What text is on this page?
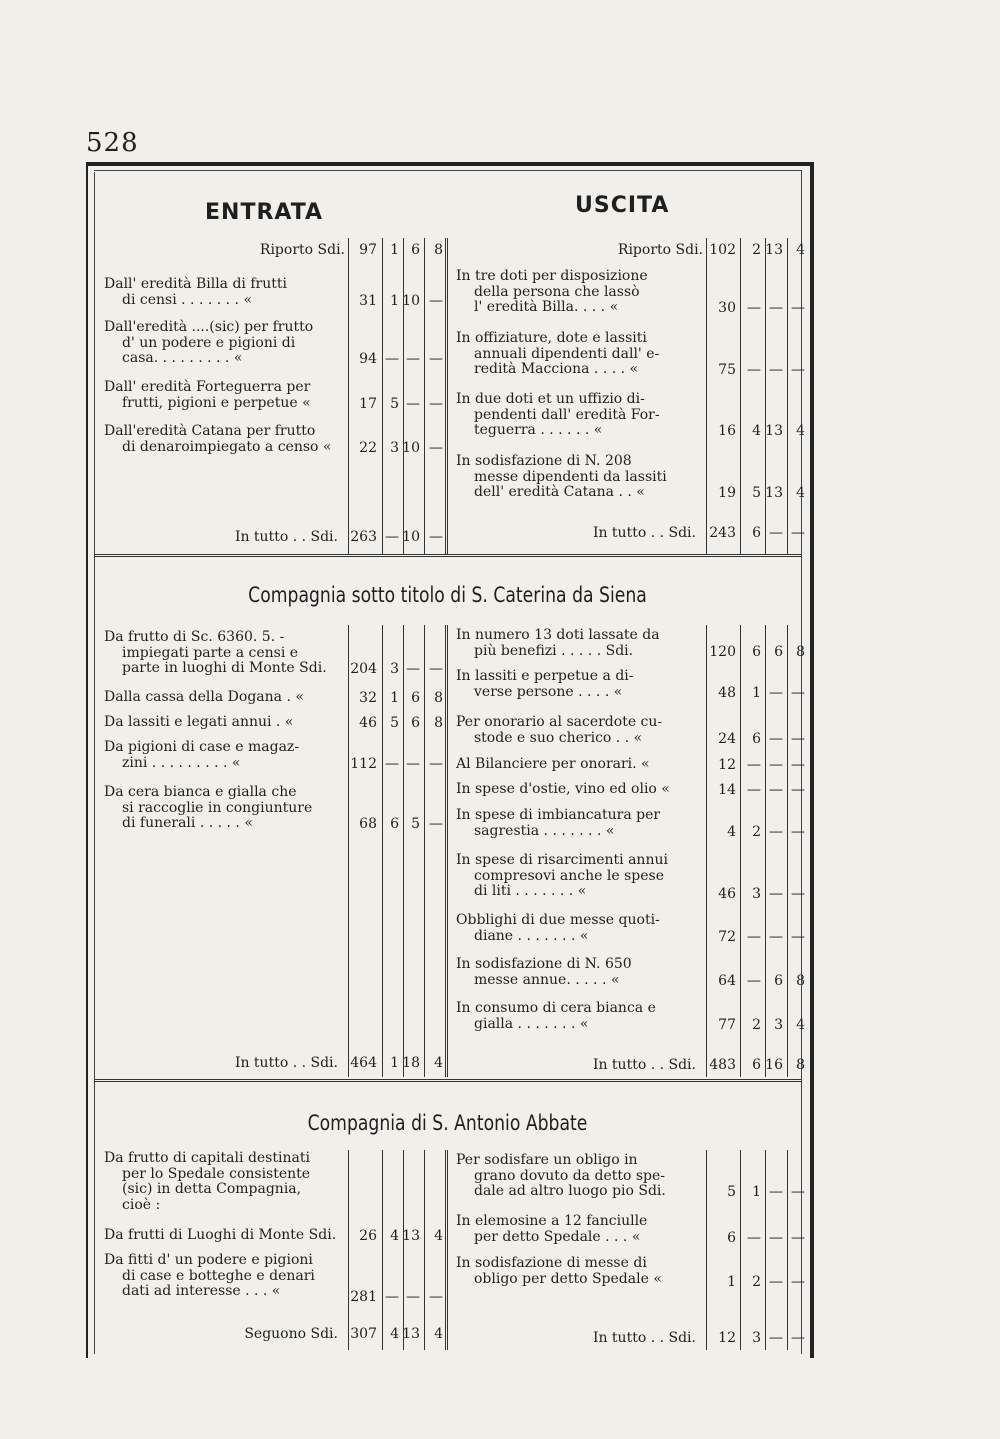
528
ENTRATA	USCITA
Riporto Sdi. 97 1 6 8	Riporto Sdi. 102 2 13 4
Dall' eredità Billa di frutti
di censi . . . . . . . «	31 1 10 —
Dall'eredità ....(sic) per frutto
d' un podere e pigioni di
casa. . . . . . . . . «	94 — — —
Dall' eredità Forteguerra per
frutti, pigioni e perpetue «	17 5 — —
Dall'eredità Catana per frutto
di denaroimpiegato a censo «	22 3 10 —
In tre doti per disposizione
della persona che lassò
l' eredità Billa. . . . «	30 — — —
In offiziature, dote e lassiti
annuali dipendenti dall' e-
redità Macciona . . . . «	75 — — —
In due doti et un uffizio di-
pendenti dall' eredità For-
teguerra . . . . . . «	16 4 13 4
In sodisfazione di N. 208
messe dipendenti da lassiti
dell' eredità Catana . . «	19 5 13 4
In tutto . . Sdi. 263 — 10 —	In tutto . . Sdi. 243 6 — —
Compagnia sotto titolo di S. Caterina da Siena
Da frutto di Sc. 6360. 5. -
impiegati parte a censi e
parte in luoghi di Monte Sdi.	204 3 — —
Dalla cassa della Dogana . «	32 1 6 8
Da lassiti e legati annui . «	46 5 6 8
Da pigioni di case e magaz-
zini . . . . . . . . . «	112 — — —
Da cera bianca e gialla che
si raccoglie in congiunture
di funerali . . . . . «	68 6 5 —
In numero 13 doti lassate da
più benefizi . . . . . Sdi.	120 6 6 8
In lassiti e perpetue a di-
verse persone . . . . «	48 1 — —
Per onorario al sacerdote cu-
stode e suo cherico . . «	24 6 — —
Al Bilanciere per onorari. «	12 — — —
In spese d'ostie, vino ed olio «	14 — — —
In spese di imbiancatura per
sagrestia . . . . . . . «	4 2 — —
In spese di risarcimenti annui
compresovi anche le spese
di liti . . . . . . . «	46 3 — —
Obblighi di due messe quoti-
diane . . . . . . . «	72 — — —
In sodisfazione di N. 650
messe annue. . . . . «	64 — 6 8
In consumo di cera bianca e
gialla . . . . . . . «	77 2 3 4
In tutto . . Sdi. 464 1 18 4	In tutto . . Sdi. 483 6 16 8
Compagnia di S. Antonio Abbate
Da frutto di capitali destinati
per lo Spedale consistente
(sic) in detta Compagnia,
cioè :
Da frutti di Luoghi di Monte Sdi. 26 4 13 4
Da fitti d' un podere e pigioni
di case e botteghe e denari
dati ad interesse . . . «	281 — — —
Per sodisfare un obligo in
grano dovuto da detto spe-
dale ad altro luogo pio Sdi.	5 1 — —
In elemosine a 12 fanciulle
per detto Spedale . . . «	6 — — —
In sodisfazione di messe di
obligo per detto Spedale «	1 2 — —
Seguono Sdi. 307 4 13 4	In tutto . . Sdi. 12 3 — —
